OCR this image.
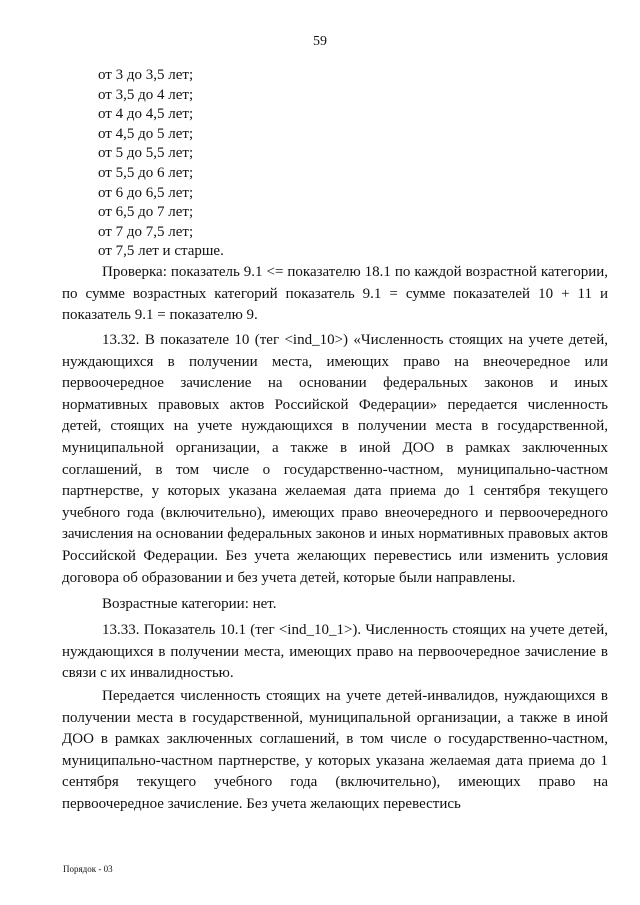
59
от 3 до 3,5 лет;
от 3,5 до 4 лет;
от 4 до 4,5 лет;
от 4,5 до 5 лет;
от 5 до 5,5 лет;
от 5,5 до 6 лет;
от 6 до 6,5 лет;
от 6,5 до 7 лет;
от 7 до 7,5 лет;
от 7,5 лет и старше.

Проверка: показатель 9.1 <= показателю 18.1 по каждой возрастной категории, по сумме возрастных категорий показатель 9.1 = сумме показателей 10 + 11 и показатель 9.1 = показателю 9.

13.32. В показателе 10 (тег <ind_10>) «Численность стоящих на учете детей, нуждающихся в получении места, имеющих право на внеочередное или первоочередное зачисление на основании федеральных законов и иных нормативных правовых актов Российской Федерации» передается численность детей, стоящих на учете нуждающихся в получении места в государственной, муниципальной организации, а также в иной ДОО в рамках заключенных соглашений, в том числе о государственно-частном, муниципально-частном партнерстве, у которых указана желаемая дата приема до 1 сентября текущего учебного года (включительно), имеющих право внеочередного и первоочередного зачисления на основании федеральных законов и иных нормативных правовых актов Российской Федерации. Без учета желающих перевестись или изменить условия договора об образовании и без учета детей, которые были направлены.

Возрастные категории: нет.

13.33. Показатель 10.1 (тег <ind_10_1>). Численность стоящих на учете детей, нуждающихся в получении места, имеющих право на первоочередное зачисление в связи с их инвалидностью.

Передается численность стоящих на учете детей-инвалидов, нуждающихся в получении места в государственной, муниципальной организации, а также в иной ДОО в рамках заключенных соглашений, в том числе о государственно-частном, муниципально-частном партнерстве, у которых указана желаемая дата приема до 1 сентября текущего учебного года (включительно), имеющих право на первоочередное зачисление. Без учета желающих перевестись

Порядок - 03
